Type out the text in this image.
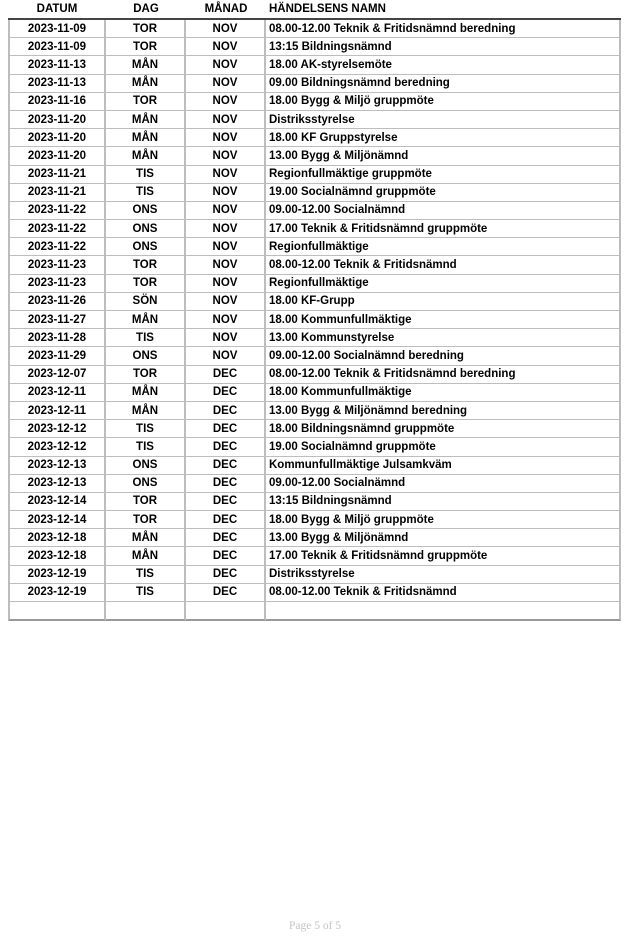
DATUM	DAG	MÅNAD	HÄNDELSENS NAMN
2023-11-09	TOR	NOV	08.00-12.00 Teknik & Fritidsnämnd beredning
2023-11-09	TOR	NOV	13:15 Bildningsnämnd
2023-11-13	MÅN	NOV	18.00 AK-styrelsemöte
2023-11-13	MÅN	NOV	09.00 Bildningsnämnd beredning
2023-11-16	TOR	NOV	18.00 Bygg & Miljö gruppmöte
2023-11-20	MÅN	NOV	Distriksstyrelse
2023-11-20	MÅN	NOV	18.00 KF Gruppstyrelse
2023-11-20	MÅN	NOV	13.00 Bygg & Miljönämnd
2023-11-21	TIS	NOV	Regionfullmäktige gruppmöte
2023-11-21	TIS	NOV	19.00 Socialnämnd gruppmöte
2023-11-22	ONS	NOV	09.00-12.00 Socialnämnd
2023-11-22	ONS	NOV	17.00 Teknik & Fritidsnämnd gruppmöte
2023-11-22	ONS	NOV	Regionfullmäktige
2023-11-23	TOR	NOV	08.00-12.00 Teknik & Fritidsnämnd
2023-11-23	TOR	NOV	Regionfullmäktige
2023-11-26	SÖN	NOV	18.00 KF-Grupp
2023-11-27	MÅN	NOV	18.00 Kommunfullmäktige
2023-11-28	TIS	NOV	13.00 Kommunstyrelse
2023-11-29	ONS	NOV	09.00-12.00 Socialnämnd beredning
2023-12-07	TOR	DEC	08.00-12.00 Teknik & Fritidsnämnd beredning
2023-12-11	MÅN	DEC	18.00 Kommunfullmäktige
2023-12-11	MÅN	DEC	13.00 Bygg & Miljönämnd beredning
2023-12-12	TIS	DEC	18.00 Bildningsnämnd gruppmöte
2023-12-12	TIS	DEC	19.00 Socialnämnd gruppmöte
2023-12-13	ONS	DEC	Kommunfullmäktige Julsamkväm
2023-12-13	ONS	DEC	09.00-12.00 Socialnämnd
2023-12-14	TOR	DEC	13:15 Bildningsnämnd
2023-12-14	TOR	DEC	18.00 Bygg & Miljö gruppmöte
2023-12-18	MÅN	DEC	13.00 Bygg & Miljönämnd
2023-12-18	MÅN	DEC	17.00 Teknik & Fritidsnämnd gruppmöte
2023-12-19	TIS	DEC	Distriksstyrelse
2023-12-19	TIS	DEC	08.00-12.00 Teknik & Fritidsnämnd

Page 5 of 5
